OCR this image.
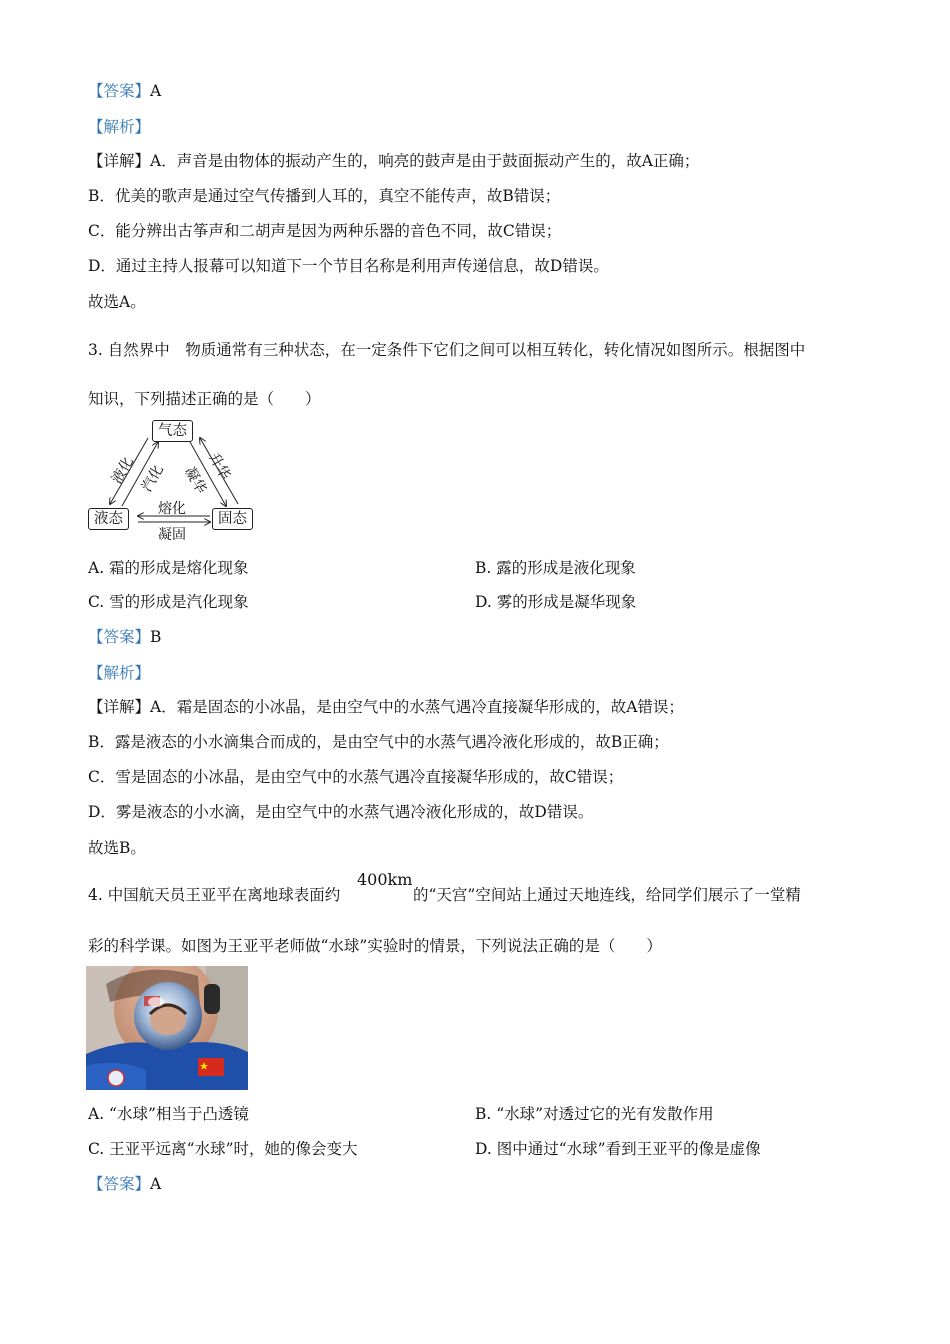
【答案】A
【解析】
【详解】A．声音是由物体的振动产生的，响亮的鼓声是由于鼓面振动产生的，故A正确；
B．优美的歌声是通过空气传播到人耳的，真空不能传声，故B错误；
C．能分辨出古筝声和二胡声是因为两种乐器的音色不同，故C错误；
D．通过主持人报幕可以知道下一个节目名称是利用声传递信息，故D错误。
故选A。
3. 自然界中　物质通常有三种状态，在一定条件下它们之间可以相互转化，转化情况如图所示。根据图中
知识，下列描述正确的是（　　）
气态
液态	固态
液化 汽化	升华
凝华
熔化
凝固
A. 霜的形成是熔化现象	B. 露的形成是液化现象
C. 雪的形成是汽化现象	D. 雾的形成是凝华现象
【答案】B
【解析】
【详解】A．霜是固态的小冰晶，是由空气中的水蒸气遇冷直接凝华形成的，故A错误；
B．露是液态的小水滴集合而成的，是由空气中的水蒸气遇冷液化形成的，故B正确；
C．雪是固态的小冰晶，是由空气中的水蒸气遇冷直接凝华形成的，故C错误；
D．雾是液态的小水滴，是由空气中的水蒸气遇冷液化形成的，故D错误。
故选B。
4. 中国航天员王亚平在离地球表面约
400km
的“天宫”空间站上通过天地连线，给同学们展示了一堂精
彩的科学课。如图为王亚平老师做“水球”实验时的情景，下列说法正确的是（　　）
A. “水球”相当于凸透镜	B. “水球”对透过它的光有发散作用
C. 王亚平远离“水球”时，她的像会变大	D. 图中通过“水球”看到王亚平的像是虚像
【答案】A
